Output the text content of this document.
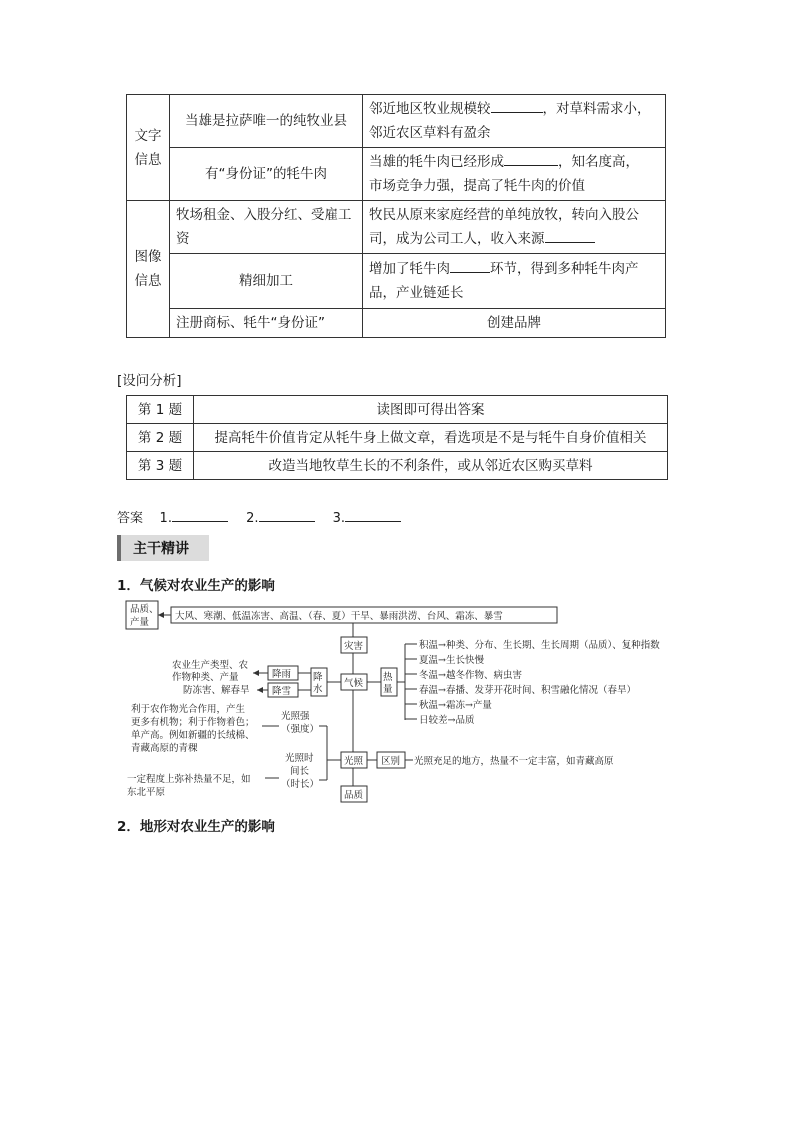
文字
信息	当雄是拉萨唯一的纯牧业县	邻近地区牧业规模较 ，对草料需求小，
邻近农区草料有盈余
	有“身份证”的牦牛肉	当雄的牦牛肉已经形成 ，知名度高，
市场竞争力强，提高了牦牛肉的价值
图像
信息	牧场租金、入股分红、受雇工资	牧民从原来家庭经营的单纯放牧，转向入股公司，成为公司工人，收入来源
	精细加工	增加了牦牛肉 环节，得到多种牦牛肉产品，产业链延长
	注册商标、牦牛“身份证”	创建品牌
[设问分析]
第 1 题	读图即可得出答案
第 2 题	提高牦牛价值肯定从牦牛身上做文章，看选项是不是与牦牛自身价值相关
第 3 题	改造当地牧草生长的不利条件，或从邻近农区购买草料
答案 1.	2.	3.
主干精讲
1．气候对农业生产的影响
品质、
产量
大风、寒潮、低温冻害、高温、（春、夏）干旱、暴雨洪涝、台风、霜冻、暴雪
灾害
气候
降
水
降雨
降雪
农业生产类型、农
作物种类、产量
防冻害、解春旱
热
量
积温→种类、分布、生长期、生长周期（品质）、复种指数
夏温→生长快慢
冬温→越冬作物、病虫害
春温→春播、发芽开花时间、积雪融化情况（春旱）
秋温→霜冻→产量
日较差→品质
光照 区别 光照充足的地方，热量不一定丰富，如青藏高原
品质
光照强
（强度）
光照时
间长
（时长）
利于农作物光合作用，产生
更多有机物；利于作物着色；
单产高。例如新疆的长绒棉、
青藏高原的青稞
一定程度上弥补热量不足，如
东北平原
2．地形对农业生产的影响
